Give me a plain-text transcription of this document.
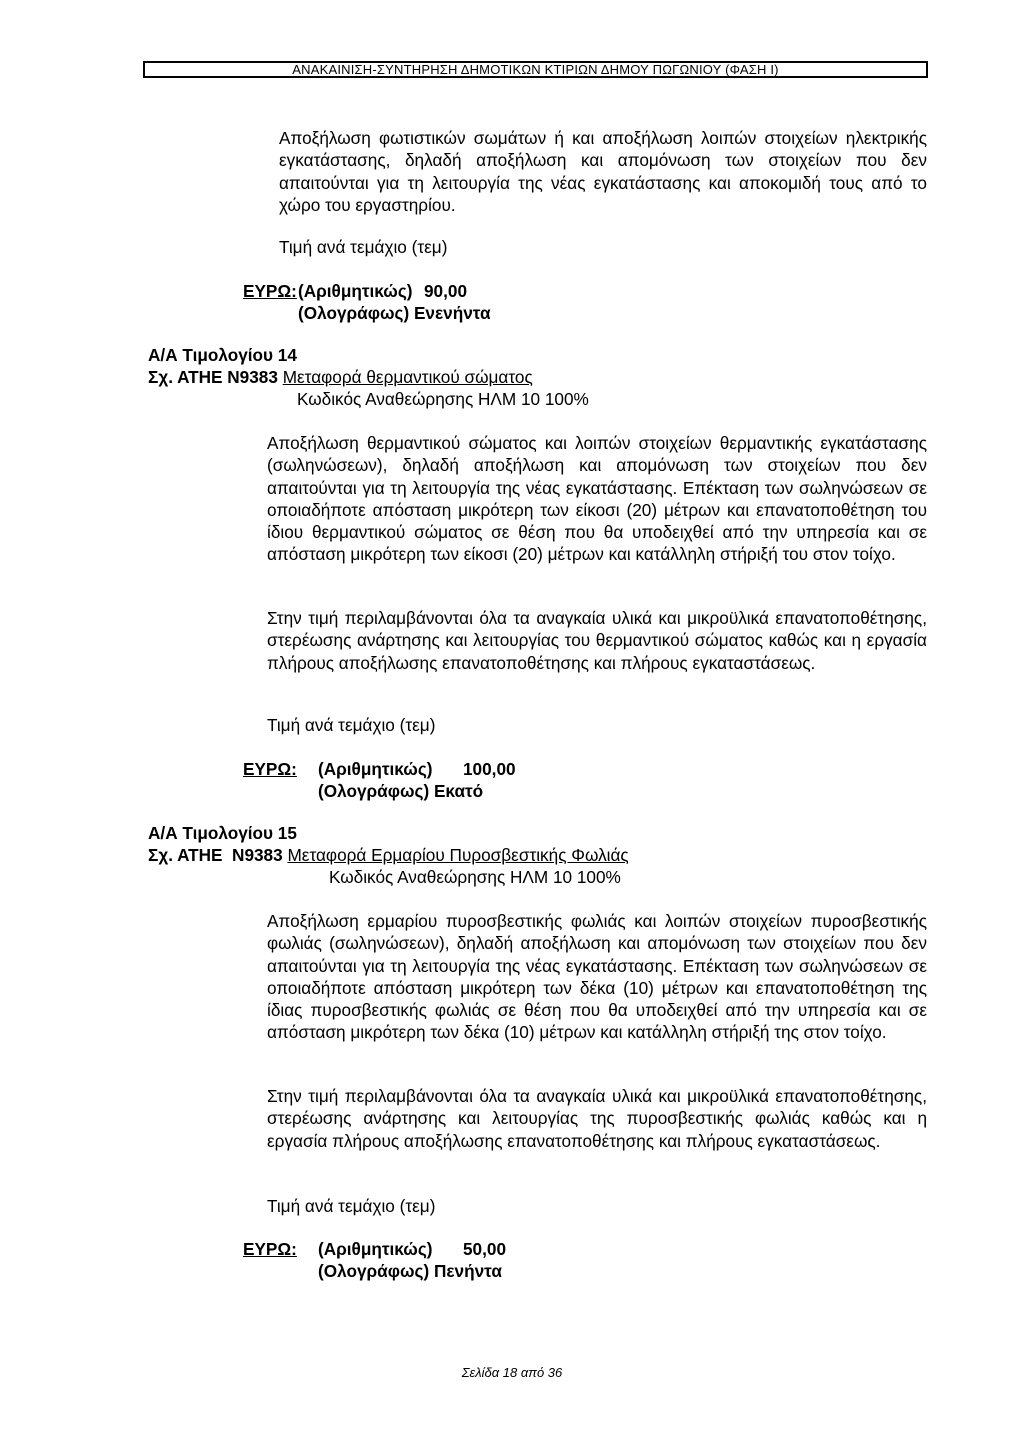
ΑΝΑΚΑΙΝΙΣΗ-ΣΥΝΤΗΡΗΣΗ ΔΗΜΟΤΙΚΩΝ ΚΤΙΡΙΩΝ ΔΗΜΟΥ ΠΩΓΩΝΙΟΥ (ΦΑΣΗ Ι)

Αποξήλωση φωτιστικών σωμάτων ή και αποξήλωση λοιπών στοιχείων ηλεκτρικής εγκατάστασης, δηλαδή αποξήλωση και απομόνωση των στοιχείων που δεν απαιτούνται για τη λειτουργία της νέας εγκατάστασης και αποκομιδή τους από το χώρο του εργαστηρίου.

Τιμή ανά τεμάχιο (τεμ)
ΕΥΡΩ:(Αριθμητικώς) 90,00
(Ολογράφως) Ενενήντα
Α/Α Τιμολογίου 14
Σχ. ΑΤΗΕ Ν9383 Μεταφορά θερμαντικού σώματος
Κωδικός Αναθεώρησης ΗΛΜ 10 100%

Αποξήλωση θερμαντικού σώματος και λοιπών στοιχείων θερμαντικής εγκατάστασης (σωληνώσεων), δηλαδή αποξήλωση και απομόνωση των στοιχείων που δεν απαιτούνται για τη λειτουργία της νέας εγκατάστασης. Επέκταση των σωληνώσεων σε οποιαδήποτε απόσταση μικρότερη των είκοσι (20) μέτρων και επανατοποθέτηση του ίδιου θερμαντικού σώματος σε θέση που θα υποδειχθεί από την υπηρεσία και σε απόσταση μικρότερη των είκοσι (20) μέτρων και κατάλληλη στήριξή του στον τοίχο.

Στην τιμή περιλαμβάνονται όλα τα αναγκαία υλικά και μικροϋλικά επανατοποθέτησης, στερέωσης ανάρτησης και λειτουργίας του θερμαντικού σώματος καθώς και η εργασία πλήρους αποξήλωσης επανατοποθέτησης και πλήρους εγκαταστάσεως.

Τιμή ανά τεμάχιο (τεμ)
ΕΥΡΩ: (Αριθμητικώς) 100,00
(Ολογράφως) Εκατό
Α/Α Τιμολογίου 15
Σχ. ΑΤΗΕ  Ν9383 Μεταφορά Ερμαρίου Πυροσβεστικής Φωλιάς
Κωδικός Αναθεώρησης ΗΛΜ 10 100%

Αποξήλωση ερμαρίου πυροσβεστικής φωλιάς και λοιπών στοιχείων πυροσβεστικής φωλιάς (σωληνώσεων), δηλαδή αποξήλωση και απομόνωση των στοιχείων που δεν απαιτούνται για τη λειτουργία της νέας εγκατάστασης. Επέκταση των σωληνώσεων σε οποιαδήποτε απόσταση μικρότερη των δέκα (10) μέτρων και επανατοποθέτηση της ίδιας πυροσβεστικής φωλιάς σε θέση που θα υποδειχθεί από την υπηρεσία και σε απόσταση μικρότερη των δέκα (10) μέτρων και κατάλληλη στήριξή της στον τοίχο.

Στην τιμή περιλαμβάνονται όλα τα αναγκαία υλικά και μικροϋλικά επανατοποθέτησης, στερέωσης ανάρτησης και λειτουργίας της πυροσβεστικής φωλιάς καθώς και η εργασία πλήρους αποξήλωσης επανατοποθέτησης και πλήρους εγκαταστάσεως.

Τιμή ανά τεμάχιο (τεμ)
ΕΥΡΩ: (Αριθμητικώς) 50,00
(Ολογράφως) Πενήντα
Σελίδα 18 από 36
